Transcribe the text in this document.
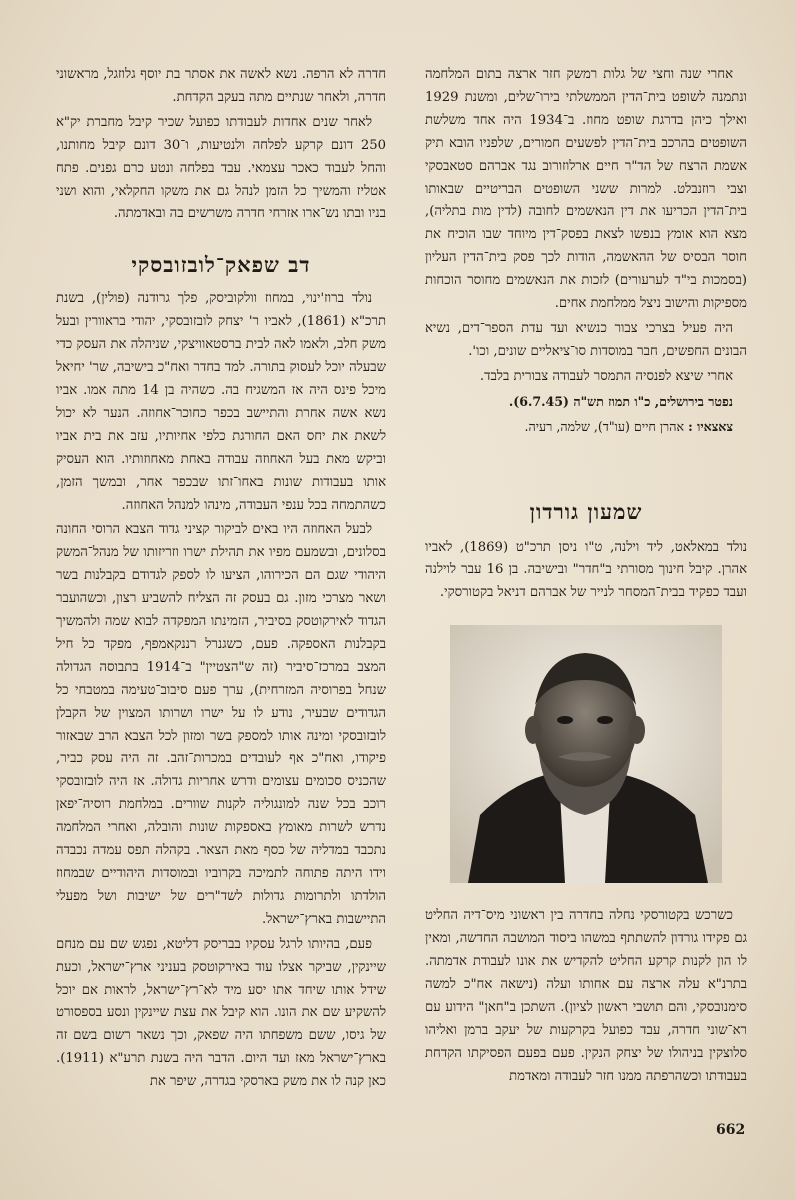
אחרי שנה וחצי של גלות רמשק חזר ארצה בתום המלחמה ונתמנה לשופט בית־הדין הממשלתי בירו־שלים, ומשנת 1929 ואילך כיהן בדרגת שופט מחוז. ב־1934 היה אחד משלשת השופטים בהרכב בית־הדין לפשעים חמורים, שלפניו הובא תיק אשמת הרצח של הד"ר חיים ארלוזורוב נגד אברהם סטאבסקי וצבי רוזנבלט. למרות ששני השופטים הבריטיים שבאותו בית־הדין הכריעו את דין הנאשמים לחובה (לדין מות בתליה), מצא הוא אומץ בנפשו לצאת בפסק־דין מיוחד שבו הוכיח את חוסר הבסיס של ההאשמה, הודות לכך פסק בית־הדין העליון (בסמכות בי"ד לערעורים) לזכות את הנאשמים מחוסר הוכחות מספיקות והישוב ניצל ממלחמת אחים.

היה פעיל בצרכי צבור כנשיא ועד עדת הספר־דים, נשיא הבונים החפשים, חבר במוסדות סו־ציאליים שונים, וכו'.

אחרי שיצא לפנסיה התמסר לעבודה צבורית בלבד.

נפטר בירושלים, כ"ו תמוז תש"ה (6.7.45).

צאצאיו : אהרן חיים (עו"ד), שלמה, רעיה.

שמעון גורדון

נולד במאלאט, ליד וילנה, ט"ו ניסן תרכ"ט (1869), לאביו אהרן. קיבל חינוך מסורתי ב"חדר" ובישיבה. בן 16 עבר לוילנה ועבד כפקיד בבית־המסחר לנייר של אברהם דניאל בקטורסקי.

כשרכש בקטורסקי נחלה בחדרה בין ראשוני מיס־דיה החליט גם פקידו גורדון להשתתף במשהו ביסוד המושבה החדשה, ומאין לו הון לקנות קרקע החליט להקדיש את אונו לעבודת אדמתה. בתרנ"א עלה ארצה עם אחותו ועלה (נישאה אח"כ למשה סימנובסקי, והם תושבי ראשון לציון). השתכן ב"חאן" הידוע עם רא־שוני חדרה, עבד כפועל בקרקעות של יעקב ברמן ואליהו סלוצקין בניהולו של יצחק הנקין. פעם בפעם הפסיקתו הקדחת בעבודתו וכשהרפתה ממנו חזר לעבודה ומאדמת

חדרה לא הרפה. נשא לאשה את אסתר בת יוסף גלוזגל, מראשוני חדרה, ולאחר שנתיים מתה בעקב הקדחת.

לאחר שנים אחדות לעבודתו כפועל שכיר קיבל מחברת יק"א 250 דונם קרקע לפלחה ולנטיעות, ו־30 דונם קיבל מחותנו, והחל לעבוד כאכר עצמאי. עבד בפלחה ונטע כרם גפנים. פתח אטליז והמשיך כל הזמן לנהל גם את משקו החקלאי, והוא ושני בניו ובתו נש־ארו אזרחי חדרה משרשים בה ובאדמתה.

דב שפאק־לובזובסקי

נולד ברוז'ינוי, במחוז וולקוביסק, פלך גרודנה (פולין), בשנת תרכ"א (1861), לאביו ר' יצחק לובזובסקי, יהודי בראוורין ובעל משק חלב, ולאמו לאה לבית ברסטאוויצקי, שניהלה את העסק כדי שבעלה יוכל לעסוק בתורה. למד בחדר ואח"כ בישיבה, שר' יחיאל מיכל פינס היה אז המשגיח בה. כשהיה בן 14 מתה אמו. אביו נשא אשה אחרת והתיישב בכפר כחוכר־אחוזה. הנער לא יכול לשאת את יחס האם החורגת כלפי אחיותיו, עזב את בית אביו וביקש מאת בעל האחוזה עבודה באחת מאחוזותיו. הוא העסיק אותו בעבודות שונות באחו־זתו שבכפר אחר, ובמשך הזמן, כשהתמחה בכל ענפי העבודה, מינהו למנהל האחוזה.

לבעל האחוזה היו באים לביקור קציני גדוד הצבא הרוסי החונה בסלונים, ובשמעם מפיו את תהילת ישרו וזריזותו של מנהל־המשק היהודי שגם הם הכירוהו, הציעו לו לספק לגדודם בקבלנות בשר ושאר מצרכי מזון. גם בעסק זה הצליח להשביע רצון, וכשהועבר הגדוד לאירקוטסק בסיביר, הזמינתו המפקדה לבוא שמה ולהמשיך בקבלנות האספקה. פעם, כשגנרל רננקאמפף, מפקד כל חיל המצב במרכז־סיביר (זה ש"הצטיין" ב־1914 בתבוסה הגדולה שנחל בפרוסיה המזרחית), ערך פעם סיבוב־טעימה במטבחי כל הגדודים שבעיר, נודע לו על ישרו ושרותו המצוין של הקבלן לובזובסקי ומינה אותו למספק בשר ומזון לכל הצבא הרב שבאזור פיקודו, ואח"כ אף לעובדים במכרות־זהב. זה היה עסק כביר, שהכניס סכומים עצומים ודרש אחריות גדולה. אז היה לובזובסקי רוכב בכל שנה למונגוליה לקנות שוורים. במלחמת רוסיה־יפאן נדרש לשרות מאומץ באספקות שונות והובלה, ואחרי המלחמה נתכבד במדליה של כסף מאת הצאר. בקהלה תפס עמדה נכבדה וידו היתה פתוחה לתמיכה בקרוביו ובמוסדות היהודיים שבמחוז הולדתו ולתרומות גדולות לשד"רים של ישיבות ושל מפעלי התיישבות בארץ־ישראל.

פעם, בהיותו לרגל עסקיו בבריסק דליטא, נפגש שם עם מנחם שיינקין, שביקר אצלו עוד באירקוטסק בעניני ארץ־ישראל, וכעת שידל אותו שיחד אתו יסע מיד לא־רץ־ישראל, לראות אם יוכל להשקיע שם את הונו. הוא קיבל את עצת שיינקין ונסע בספסורט של גיסו, ששם משפחתו היה שפאק, וכך נשאר רשום בשם זה בארץ־ישראל מאז ועד היום. הדבר היה בשנת תרע"א (1911). כאן קנה לו את משק בארסקי בגדרה, שיפר את

662
